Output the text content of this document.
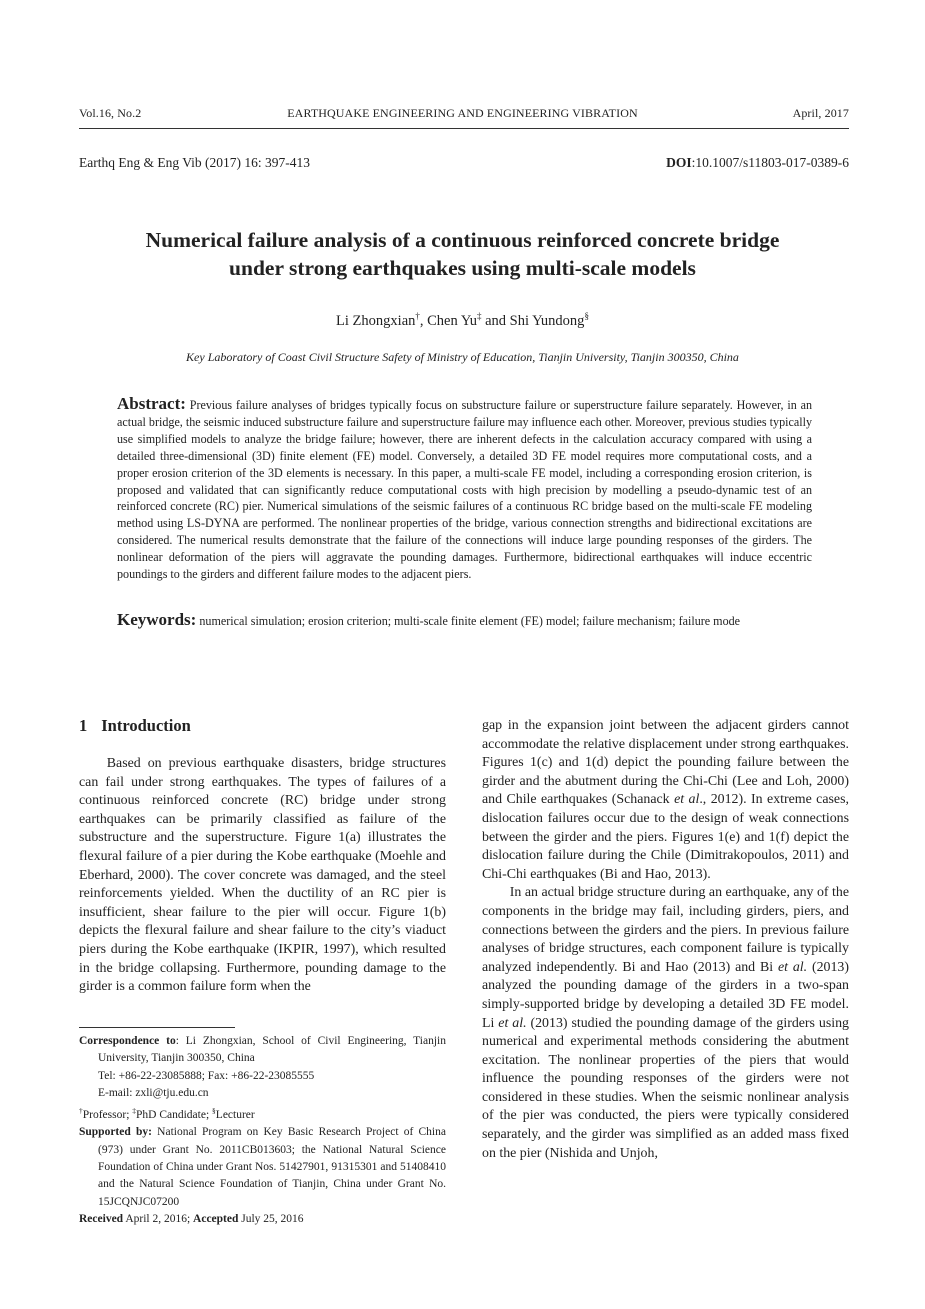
Vol.16, No.2	EARTHQUAKE ENGINEERING AND ENGINEERING VIBRATION	April, 2017
Earthq Eng & Eng Vib (2017) 16: 397-413	DOI:10.1007/s11803-017-0389-6
Numerical failure analysis of a continuous reinforced concrete bridge
under strong earthquakes using multi-scale models
Li Zhongxian†, Chen Yu‡ and Shi Yundong§
Key Laboratory of Coast Civil Structure Safety of Ministry of Education, Tianjin University, Tianjin 300350, China
Abstract: Previous failure analyses of bridges typically focus on substructure failure or superstructure failure separately. However, in an actual bridge, the seismic induced substructure failure and superstructure failure may influence each other. Moreover, previous studies typically use simplified models to analyze the bridge failure; however, there are inherent defects in the calculation accuracy compared with using a detailed three-dimensional (3D) finite element (FE) model. Conversely, a detailed 3D FE model requires more computational costs, and a proper erosion criterion of the 3D elements is necessary. In this paper, a multi-scale FE model, including a corresponding erosion criterion, is proposed and validated that can significantly reduce computational costs with high precision by modelling a pseudo-dynamic test of an reinforced concrete (RC) pier. Numerical simulations of the seismic failures of a continuous RC bridge based on the multi-scale FE modeling method using LS-DYNA are performed. The nonlinear properties of the bridge, various connection strengths and bidirectional excitations are considered. The numerical results demonstrate that the failure of the connections will induce large pounding responses of the girders. The nonlinear deformation of the piers will aggravate the pounding damages. Furthermore, bidirectional earthquakes will induce eccentric poundings to the girders and different failure modes to the adjacent piers.
Keywords: numerical simulation; erosion criterion; multi-scale finite element (FE) model; failure mechanism; failure mode
1 Introduction

Based on previous earthquake disasters, bridge structures can fail under strong earthquakes. The types of failures of a continuous reinforced concrete (RC) bridge under strong earthquakes can be primarily classified as failure of the substructure and the superstructure. Figure 1(a) illustrates the flexural failure of a pier during the Kobe earthquake (Moehle and Eberhard, 2000). The cover concrete was damaged, and the steel reinforcements yielded. When the ductility of an RC pier is insufficient, shear failure to the pier will occur. Figure 1(b) depicts the flexural failure and shear failure to the city’s viaduct piers during the Kobe earthquake (IKPIR, 1997), which resulted in the bridge collapsing. Furthermore, pounding damage to the girder is a common failure form when the

Correspondence to: Li Zhongxian, School of Civil Engineering, Tianjin University, Tianjin 300350, China
Tel: +86-22-23085888; Fax: +86-22-23085555
E-mail: zxli@tju.edu.cn
†Professor; ‡PhD Candidate; §Lecturer
Supported by: National Program on Key Basic Research Project of China (973) under Grant No. 2011CB013603; the National Natural Science Foundation of China under Grant Nos. 51427901, 91315301 and 51408410 and the Natural Science Foundation of Tianjin, China under Grant No. 15JCQNJC07200
Received April 2, 2016; Accepted July 25, 2016

gap in the expansion joint between the adjacent girders cannot accommodate the relative displacement under strong earthquakes. Figures 1(c) and 1(d) depict the pounding failure between the girder and the abutment during the Chi-Chi (Lee and Loh, 2000) and Chile earthquakes (Schanack et al., 2012). In extreme cases, dislocation failures occur due to the design of weak connections between the girder and the piers. Figures 1(e) and 1(f) depict the dislocation failure during the Chile (Dimitrakopoulos, 2011) and Chi-Chi earthquakes (Bi and Hao, 2013).

In an actual bridge structure during an earthquake, any of the components in the bridge may fail, including girders, piers, and connections between the girders and the piers. In previous failure analyses of bridge structures, each component failure is typically analyzed independently. Bi and Hao (2013) and Bi et al. (2013) analyzed the pounding damage of the girders in a two-span simply-supported bridge by developing a detailed 3D FE model. Li et al. (2013) studied the pounding damage of the girders using numerical and experimental methods considering the abutment excitation. The nonlinear properties of the piers that would influence the pounding responses of the girders were not considered in these studies. When the seismic nonlinear analysis of the pier was conducted, the piers were typically considered separately, and the girder was simplified as an added mass fixed on the pier (Nishida and Unjoh,
